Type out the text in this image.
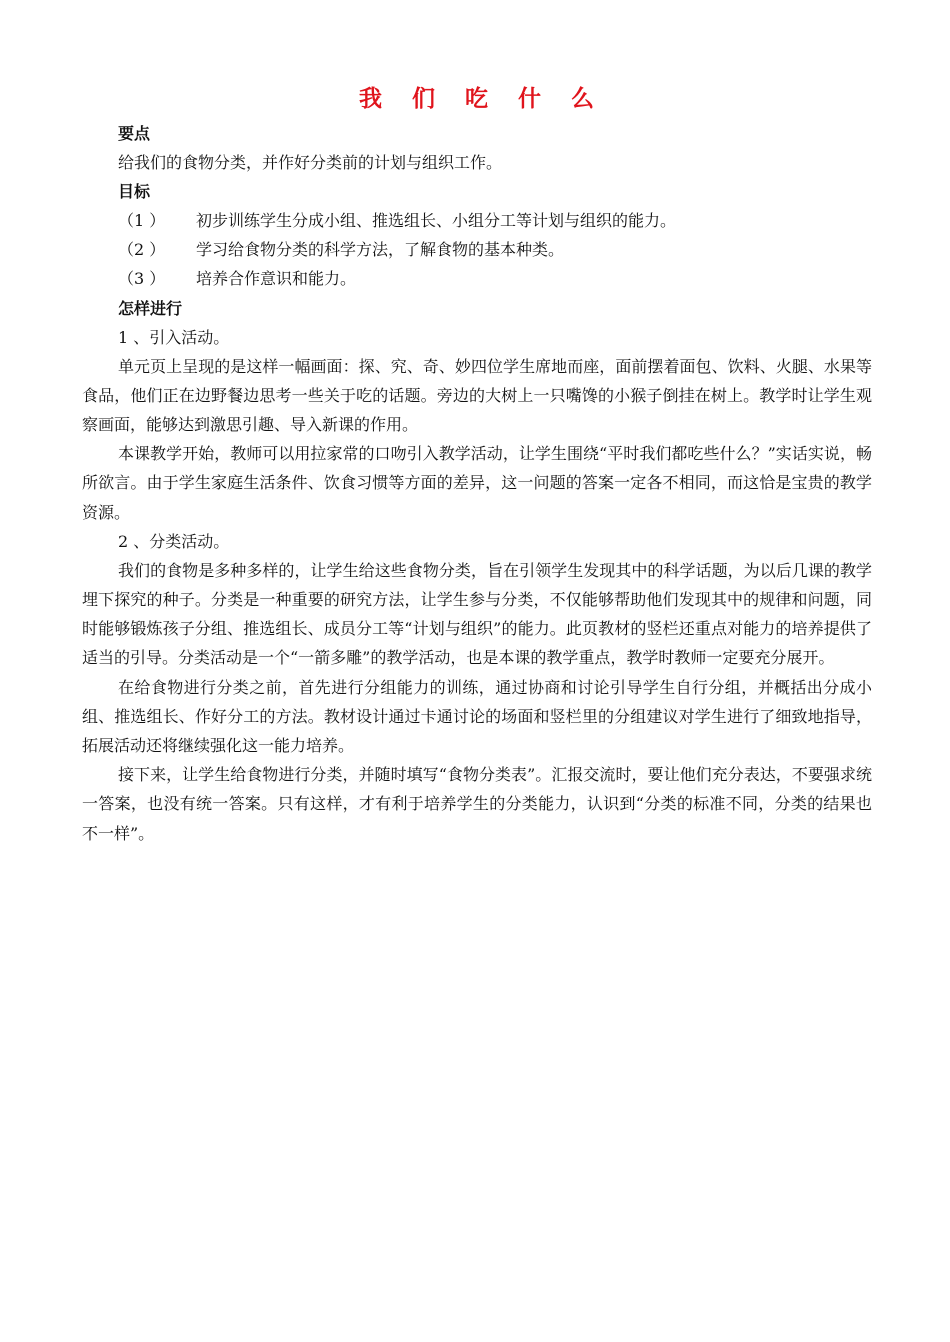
我 们 吃 什 么
要点

给我们的食物分类，并作好分类前的计划与组织工作。

目标
（1 ）	初步训练学生分成小组、推选组长、小组分工等计划与组织的能力。
（2 ）	学习给食物分类的科学方法，了解食物的基本种类。
（3 ）	培养合作意识和能力。
怎样进行

1 、引入活动。

单元页上呈现的是这样一幅画面：探、究、奇、妙四位学生席地而座，面前摆着面包、饮料、火腿、水果等食品，他们正在边野餐边思考一些关于吃的话题。旁边的大树上一只嘴馋的小猴子倒挂在树上。教学时让学生观察画面，能够达到激思引趣、导入新课的作用。

本课教学开始，教师可以用拉家常的口吻引入教学活动，让学生围绕“平时我们都吃些什么？”实话实说，畅所欲言。由于学生家庭生活条件、饮食习惯等方面的差异，这一问题的答案一定各不相同，而这恰是宝贵的教学资源。

2 、分类活动。

我们的食物是多种多样的，让学生给这些食物分类，旨在引领学生发现其中的科学话题，为以后几课的教学埋下探究的种子。分类是一种重要的研究方法，让学生参与分类，不仅能够帮助他们发现其中的规律和问题，同时能够锻炼孩子分组、推选组长、成员分工等“计划与组织”的能力。此页教材的竖栏还重点对能力的培养提供了适当的引导。分类活动是一个“一箭多雕”的教学活动，也是本课的教学重点，教学时教师一定要充分展开。

在给食物进行分类之前，首先进行分组能力的训练，通过协商和讨论引导学生自行分组，并概括出分成小组、推选组长、作好分工的方法。教材设计通过卡通讨论的场面和竖栏里的分组建议对学生进行了细致地指导，拓展活动还将继续强化这一能力培养。

接下来，让学生给食物进行分类，并随时填写“食物分类表”。汇报交流时，要让他们充分表达，不要强求统一答案，也没有统一答案。只有这样，才有利于培养学生的分类能力，认识到“分类的标准不同，分类的结果也不一样”。
